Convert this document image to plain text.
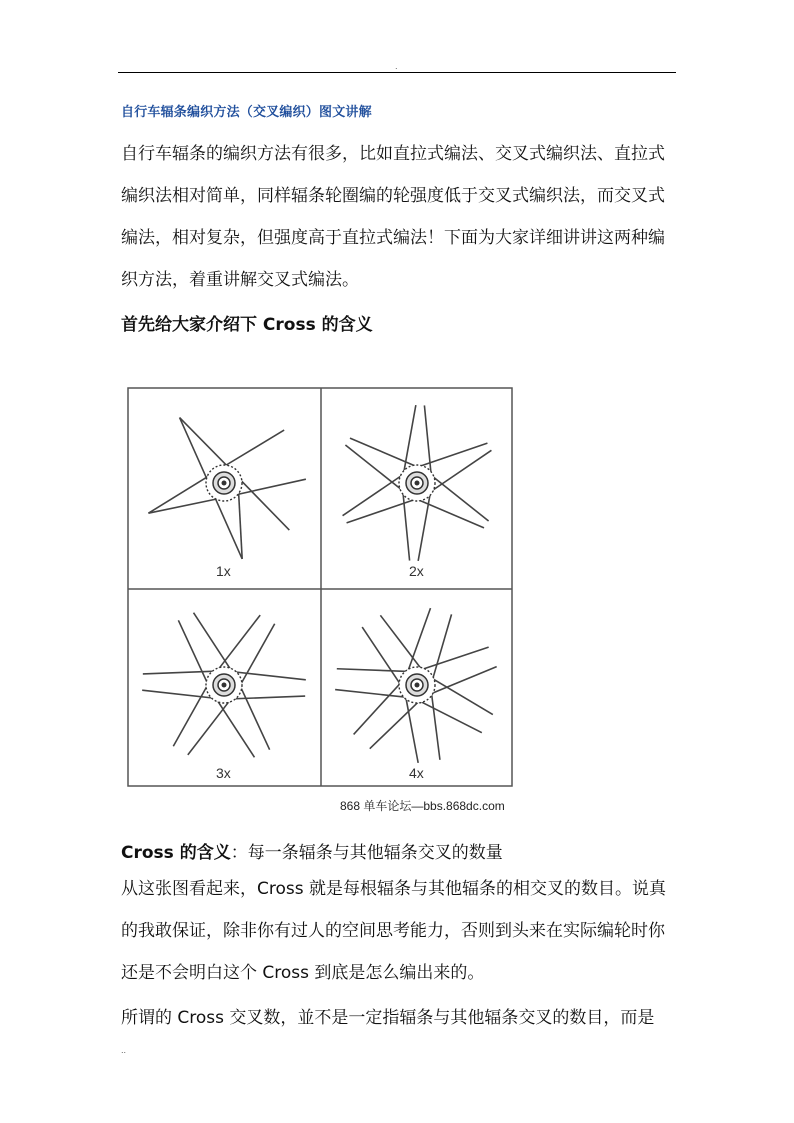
.
自行车辐条编织方法（交叉编织）图文讲解

自行车辐条的编织方法有很多，比如直拉式编法、交叉式编织法、直拉式编织法相对简单，同样辐条轮圈编的轮强度低于交叉式编织法，而交叉式编法，相对复杂，但强度高于直拉式编法！下面为大家详细讲讲这两种编织方法，着重讲解交叉式编法。

首先给大家介绍下 Cross 的含义
1x	2x
3x	4x
868 单车论坛—bbs.868dc.com
Cross 的含义：每一条辐条与其他辐条交叉的数量

从这张图看起来，Cross 就是每根辐条与其他辐条的相交叉的数目。说真的我敢保证，除非你有过人的空间思考能力，否则到头来在实际编轮时你还是不会明白这个 Cross 到底是怎么编出来的。

所谓的 Cross 交叉数，並不是一定指辐条与其他辐条交叉的数目，而是

..
